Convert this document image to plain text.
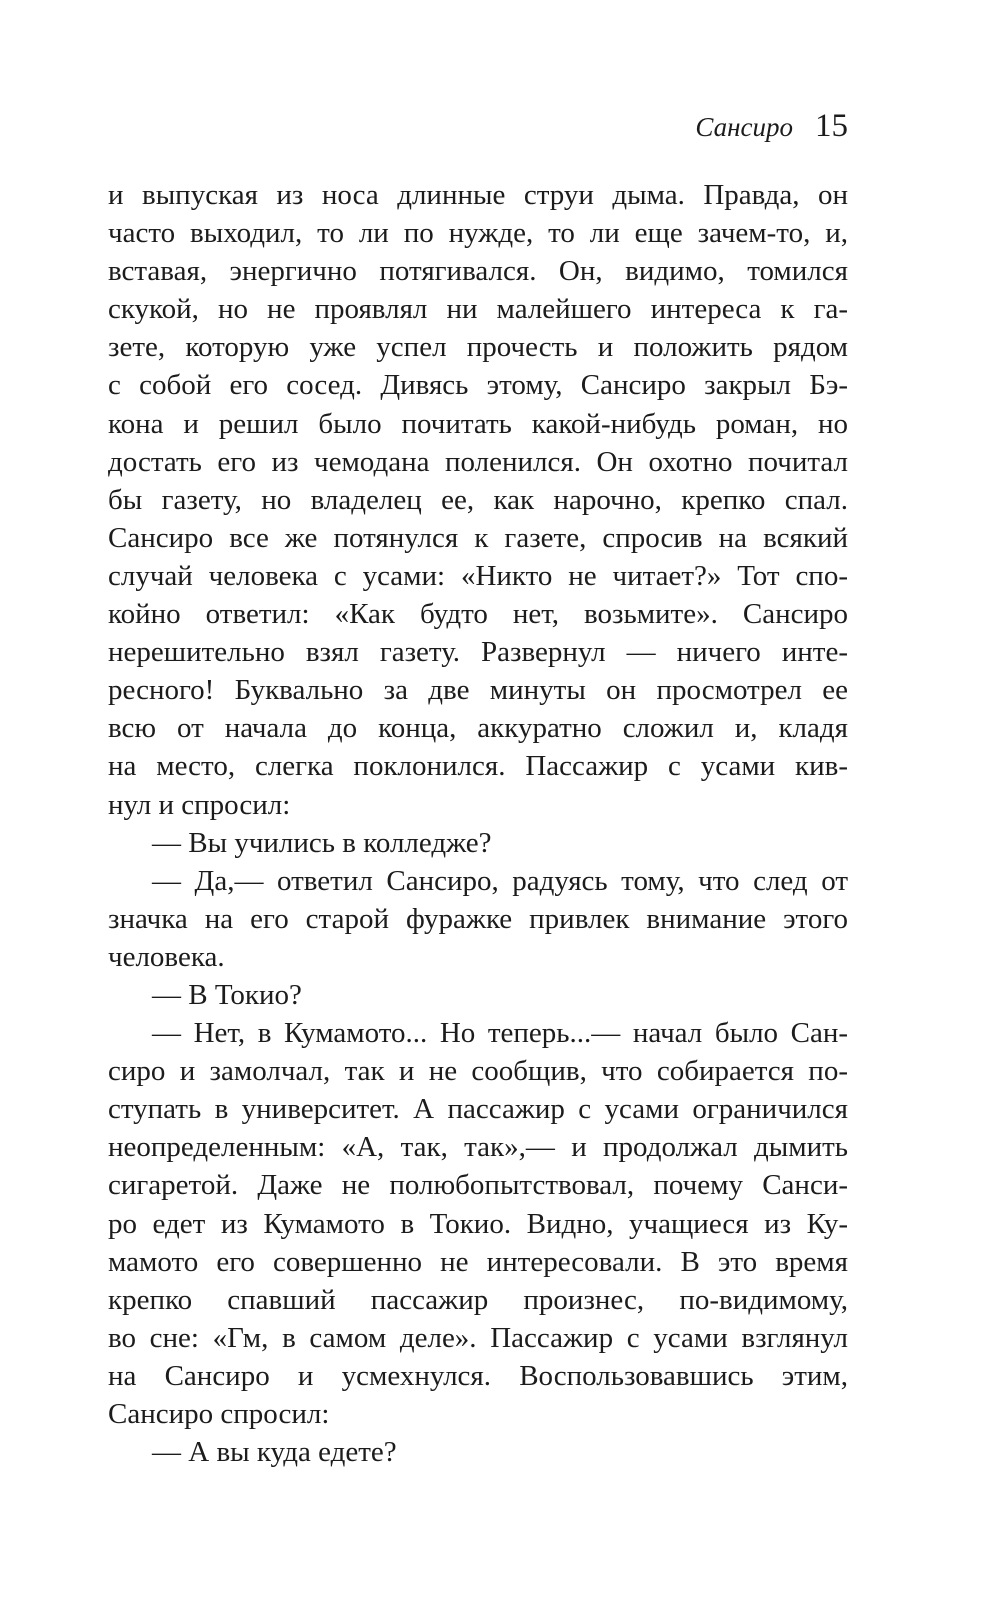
Сансиро 15
и выпуская из носа длинные струи дыма. Правда, он
часто выходил, то ли по нужде, то ли еще зачем-то, и,
вставая, энергично потягивался. Он, видимо, томился
скукой, но не проявлял ни малейшего интереса к га-
зете, которую уже успел прочесть и положить рядом
с собой его сосед. Дивясь этому, Сансиро закрыл Бэ-
кона и решил было почитать какой-нибудь роман, но
достать его из чемодана поленился. Он охотно почитал
бы газету, но владелец ее, как нарочно, крепко спал.
Сансиро все же потянулся к газете, спросив на всякий
случай человека с усами: «Никто не читает?» Тот спо-
койно ответил: «Как будто нет, возьмите». Сансиро
нерешительно взял газету. Развернул — ничего инте-
ресного! Буквально за две минуты он просмотрел ее
всю от начала до конца, аккуратно сложил и, кладя
на место, слегка поклонился. Пассажир с усами кив-
нул и спросил:
— Вы учились в колледже?
— Да,— ответил Сансиро, радуясь тому, что след от
значка на его старой фуражке привлек внимание этого
человека.
— В Токио?
— Нет, в Кумамото... Но теперь...— начал было Сан-
сиро и замолчал, так и не сообщив, что собирается по-
ступать в университет. А пассажир с усами ограничился
неопределенным: «А, так, так»,— и продолжал дымить
сигаретой. Даже не полюбопытствовал, почему Санси-
ро едет из Кумамото в Токио. Видно, учащиеся из Ку-
мамото его совершенно не интересовали. В это время
крепко спавший пассажир произнес, по-видимому,
во сне: «Гм, в самом деле». Пассажир с усами взглянул
на Сансиро и усмехнулся. Воспользовавшись этим,
Сансиро спросил:
— А вы куда едете?
